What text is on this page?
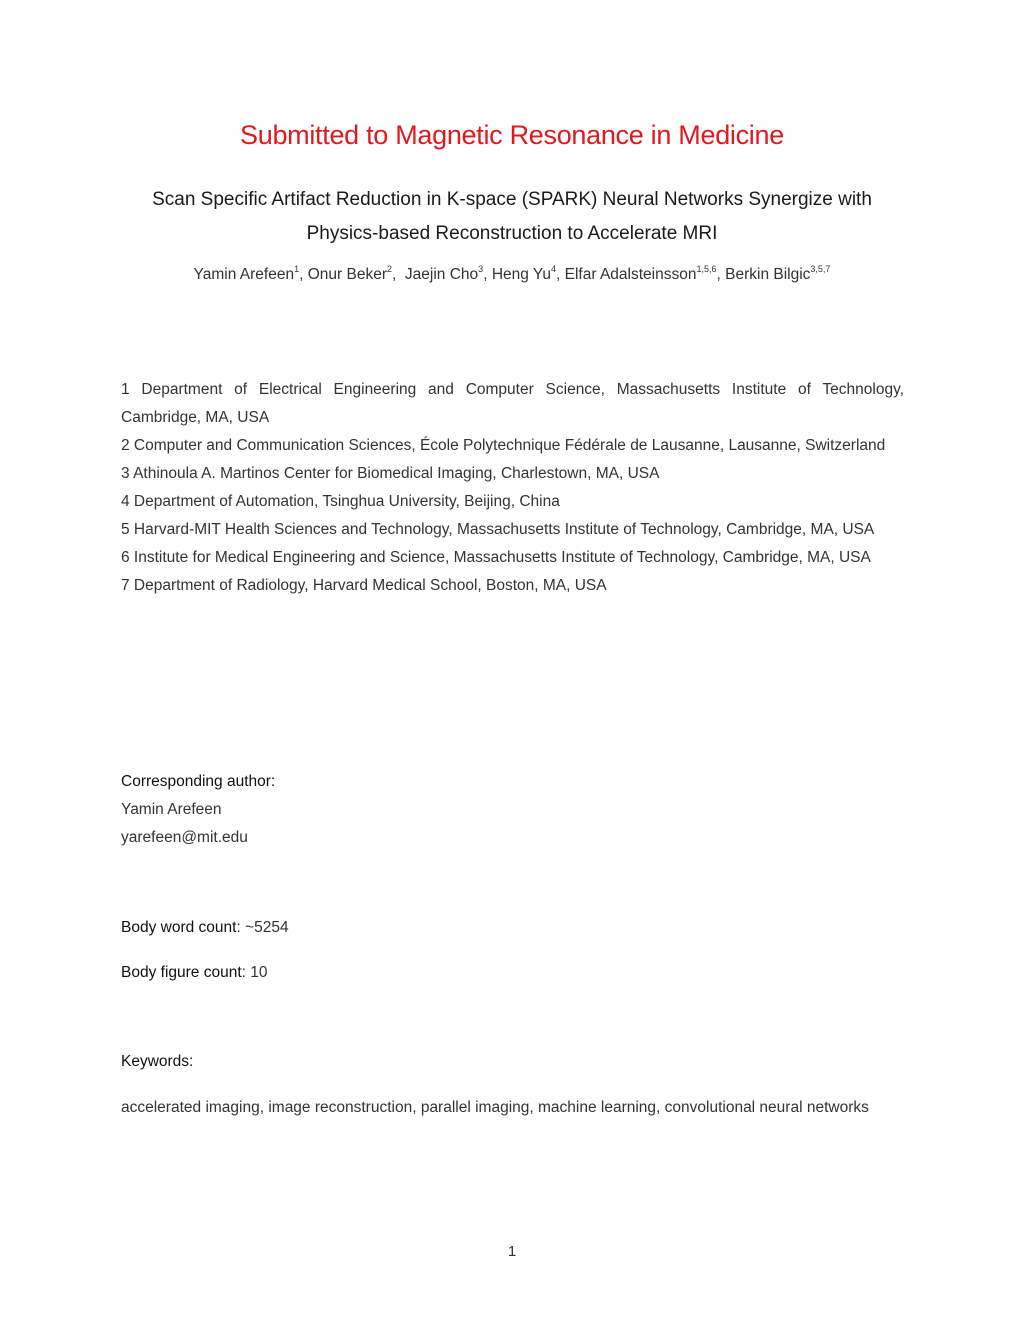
Submitted to Magnetic Resonance in Medicine
Scan Specific Artifact Reduction in K-space (SPARK) Neural Networks Synergize with
Physics-based Reconstruction to Accelerate MRI
Yamin Arefeen$^1$, Onur Beker$^2$,  Jaejin Cho$^3$, Heng Yu$^4$, Elfar Adalsteinsson$^{1,5,6}$, Berkin Bilgic$^{3,5,7}$

1 Department of Electrical Engineering and Computer Science, Massachusetts Institute of Technology, Cambridge, MA, USA

2 Computer and Communication Sciences, École Polytechnique Fédérale de Lausanne, Lausanne, Switzerland

3 Athinoula A. Martinos Center for Biomedical Imaging, Charlestown, MA, USA

4 Department of Automation, Tsinghua University, Beijing, China

5 Harvard-MIT Health Sciences and Technology, Massachusetts Institute of Technology, Cambridge, MA, USA

6 Institute for Medical Engineering and Science, Massachusetts Institute of Technology, Cambridge, MA, USA

7 Department of Radiology, Harvard Medical School, Boston, MA, USA

Corresponding author:
Yamin Arefeen
yarefeen@mit.edu
Body word count: ~5254
Body figure count: 10
Keywords:
accelerated imaging, image reconstruction, parallel imaging, machine learning, convolutional neural networks
1
